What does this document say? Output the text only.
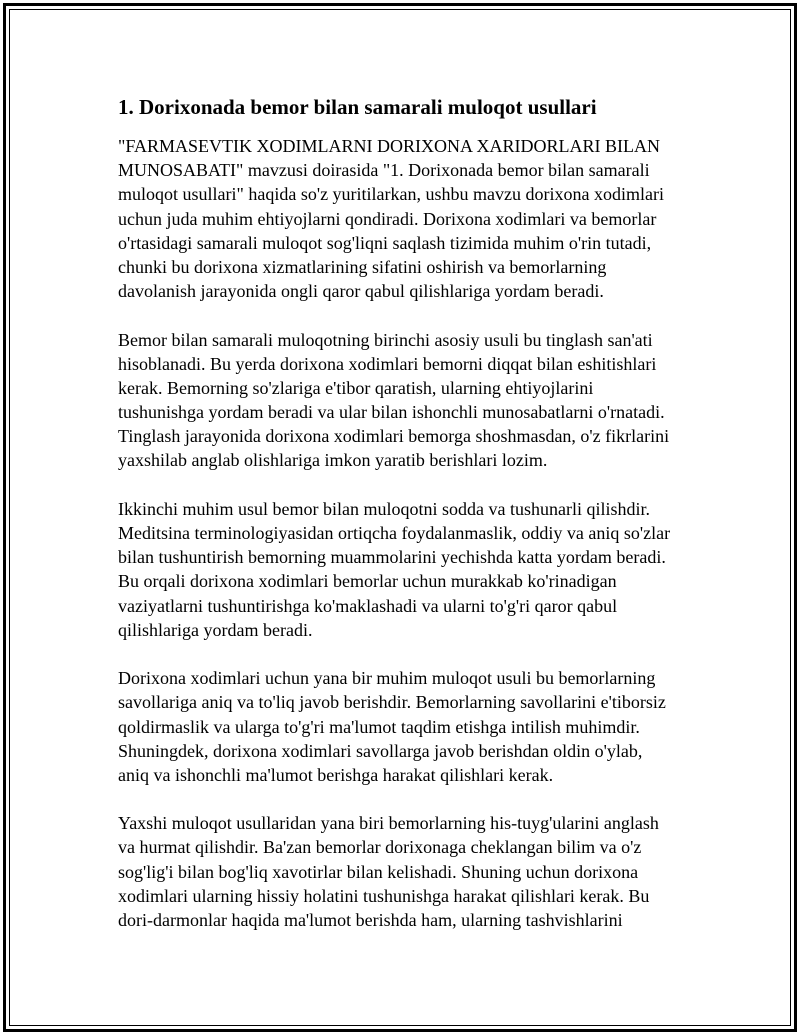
1. Dorixonada bemor bilan samarali muloqot usullari
"FARMASEVTIK XODIMLARNI DORIXONA XARIDORLARI BILAN
MUNOSABATI" mavzusi doirasida "1. Dorixonada bemor bilan samarali
muloqot usullari" haqida so'z yuritilarkan, ushbu mavzu dorixona xodimlari
uchun juda muhim ehtiyojlarni qondiradi. Dorixona xodimlari va bemorlar
o'rtasidagi samarali muloqot sog'liqni saqlash tizimida muhim o'rin tutadi,
chunki bu dorixona xizmatlarining sifatini oshirish va bemorlarning
davolanish jarayonida ongli qaror qabul qilishlariga yordam beradi.
Bemor bilan samarali muloqotning birinchi asosiy usuli bu tinglash san'ati
hisoblanadi. Bu yerda dorixona xodimlari bemorni diqqat bilan eshitishlari
kerak. Bemorning so'zlariga e'tibor qaratish, ularning ehtiyojlarini
tushunishga yordam beradi va ular bilan ishonchli munosabatlarni o'rnatadi.
Tinglash jarayonida dorixona xodimlari bemorga shoshmasdan, o'z fikrlarini
yaxshilab anglab olishlariga imkon yaratib berishlari lozim.
Ikkinchi muhim usul bemor bilan muloqotni sodda va tushunarli qilishdir.
Meditsina terminologiyasidan ortiqcha foydalanmaslik, oddiy va aniq so'zlar
bilan tushuntirish bemorning muammolarini yechishda katta yordam beradi.
Bu orqali dorixona xodimlari bemorlar uchun murakkab ko'rinadigan
vaziyatlarni tushuntirishga ko'maklashadi va ularni to'g'ri qaror qabul
qilishlariga yordam beradi.
Dorixona xodimlari uchun yana bir muhim muloqot usuli bu bemorlarning
savollariga aniq va to'liq javob berishdir. Bemorlarning savollarini e'tiborsiz
qoldirmaslik va ularga to'g'ri ma'lumot taqdim etishga intilish muhimdir.
Shuningdek, dorixona xodimlari savollarga javob berishdan oldin o'ylab,
aniq va ishonchli ma'lumot berishga harakat qilishlari kerak.
Yaxshi muloqot usullaridan yana biri bemorlarning his-tuyg'ularini anglash
va hurmat qilishdir. Ba'zan bemorlar dorixonaga cheklangan bilim va o'z
sog'lig'i bilan bog'liq xavotirlar bilan kelishadi. Shuning uchun dorixona
xodimlari ularning hissiy holatini tushunishga harakat qilishlari kerak. Bu
dori-darmonlar haqida ma'lumot berishda ham, ularning tashvishlarini
